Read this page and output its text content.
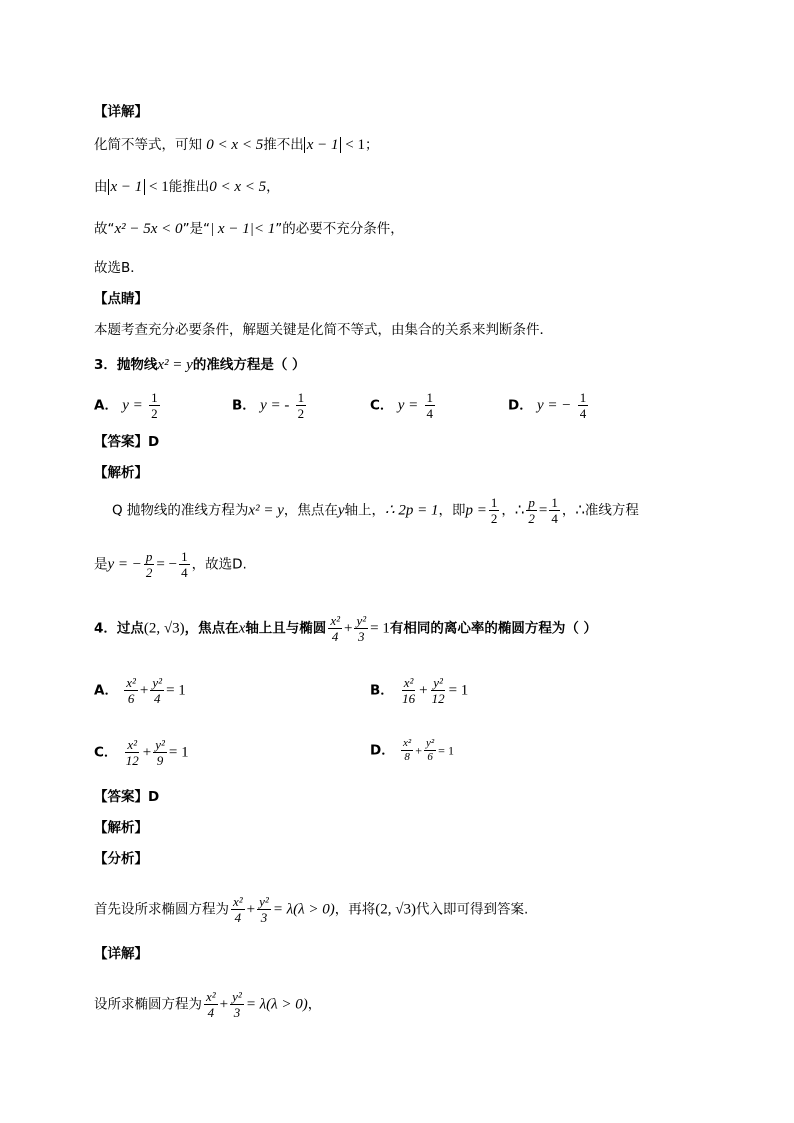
【详解】
化简不等式，可知 0 < x < 5推不出 x − 1 < 1；
由 x − 1 < 1能推出0 < x < 5，
故“x² − 5x < 0”是“| x − 1|< 1”的必要不充分条件，
故选B．
【点睛】
本题考查充分必要条件，解题关键是化简不等式，由集合的关系来判断条件．
3．抛物线x² = y的准线方程是（ ）
A． $y = \frac{1}{2}$	B． y = - $\frac{1}{2}$	C． $y = \frac{1}{4}$	D． y = − $\frac{1}{4}$
【答案】D
【解析】
Q 抛物线的准线方程为x² = y，焦点在y轴上，∴ 2p = 1，即$p = \frac{1}{2}$ ，∴ $\frac{p}{2} = \frac{1}{4}$ ，∴准线方程
是y = − $\frac{p}{2}$ = − $\frac{1}{4}$ ，故选D.
4．过点(2, √3)，焦点在x轴上且与椭圆 $\frac{\text{x²}}{4} + \frac{\text{y²}}{3} = 1$有相同的离心率的椭圆方程为（ ）
A． $\frac{\text{x²}}{6} + \frac{\text{y²}}{4} = 1$	B． $\frac{\text{x²}}{16} + \frac{\text{y²}}{12} = 1$
C． $\frac{\text{x²}}{12} + \frac{\text{y²}}{9} = 1$	D． $\frac{\text{x²}}{8} + \frac{\text{y²}}{6} = 1$
【答案】D
【解析】
【分析】
首先设所求椭圆方程为 $\frac{\text{x²}}{4} + \frac{\text{y²}}{3} = \lambda(\lambda > 0)$，再将(2, √3)代入即可得到答案.
【详解】
设所求椭圆方程为 $\frac{\text{x²}}{4} + \frac{\text{y²}}{3} = \lambda(\lambda > 0)$，
